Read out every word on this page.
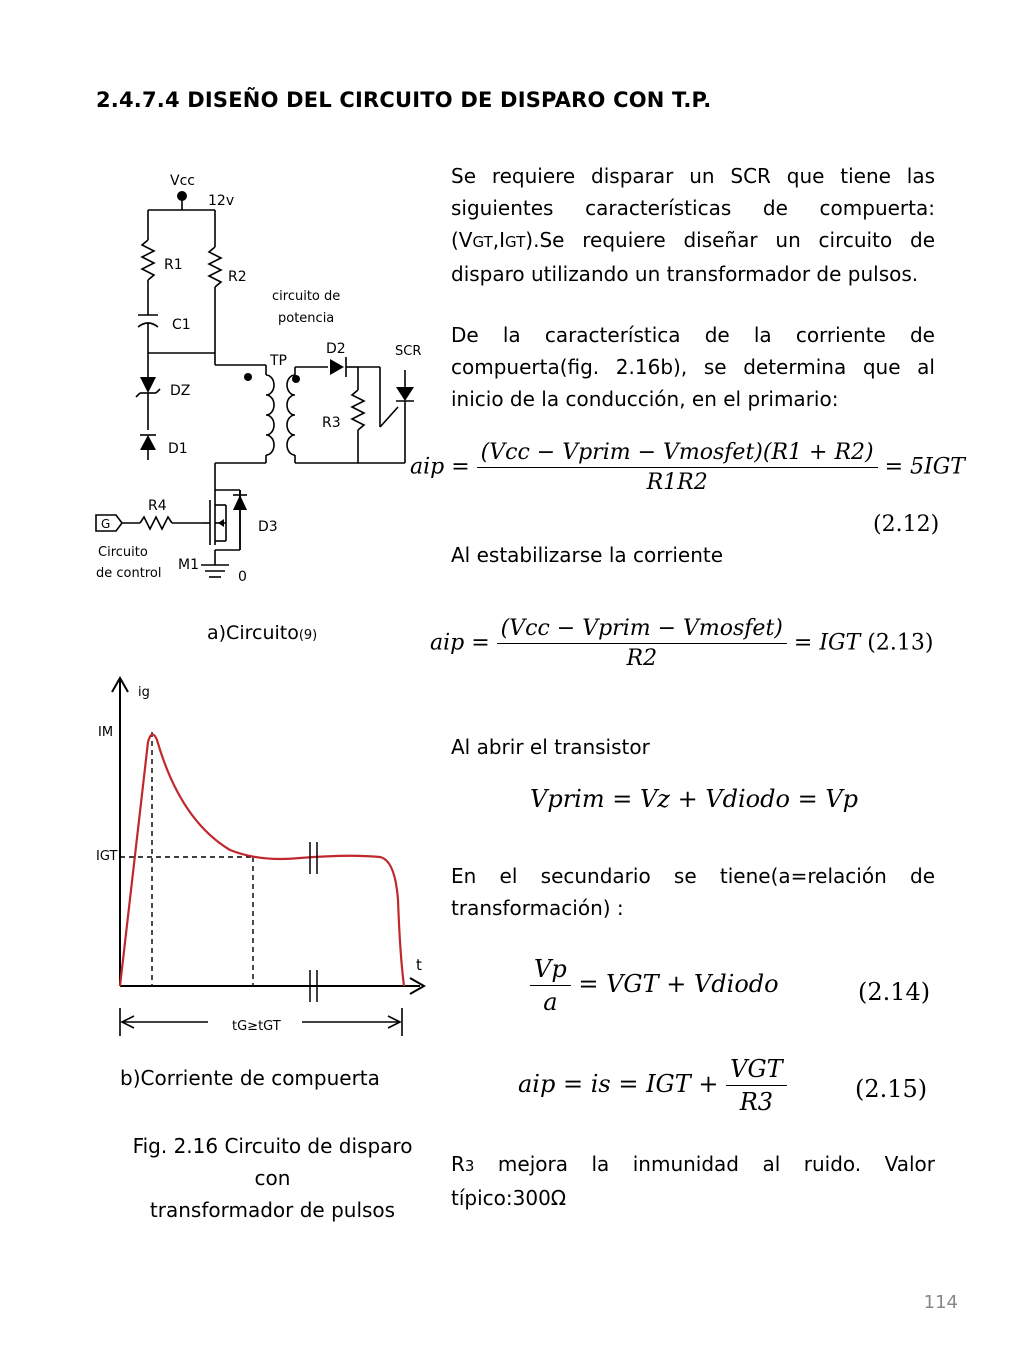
2.4.7.4 DISEÑO DEL CIRCUITO DE DISPARO CON T.P.
Vcc
12v
R1
R2
C1
DZ
D1
D2
D3
R3
R4
M1
TP
SCR
G
0
circuito de
potencia
Circuito
de control
a)Circuito(9)
ig
IM
IGT
t
tG≥tGT
b)Corriente de compuerta
Fig. 2.16 Circuito de disparo
con
transformador de pulsos
Se requiere disparar un SCR que tiene las siguientes características de compuerta: (VGT,IGT).Se requiere diseñar un circuito de disparo utilizando un transformador de pulsos.
De la característica de la corriente de compuerta(fig. 2.16b), se determina que al inicio de la conducción, en el primario:
aip = $\frac{\text{(Vcc − Vprim − Vmosfet)(R1 + R2)}}{R1R2} = 5IGT$
(2.12)
Al estabilizarse la corriente
aip = $\frac{\text{(Vcc − Vprim − Vmosfet)}}{R2}$ = IGT (2.13)
Al abrir el transistor
Vprim = Vz + Vdiodo = Vp
En el secundario se tiene(a=relación de transformación) :
$\frac{Vp}{a}$ = VGT + Vdiodo	(2.14)
aip = is = IGT + $\frac{\text{VGT}}{R3}$	(2.15)
R3 mejora la inmunidad al ruido. Valor típico:300Ω
114
